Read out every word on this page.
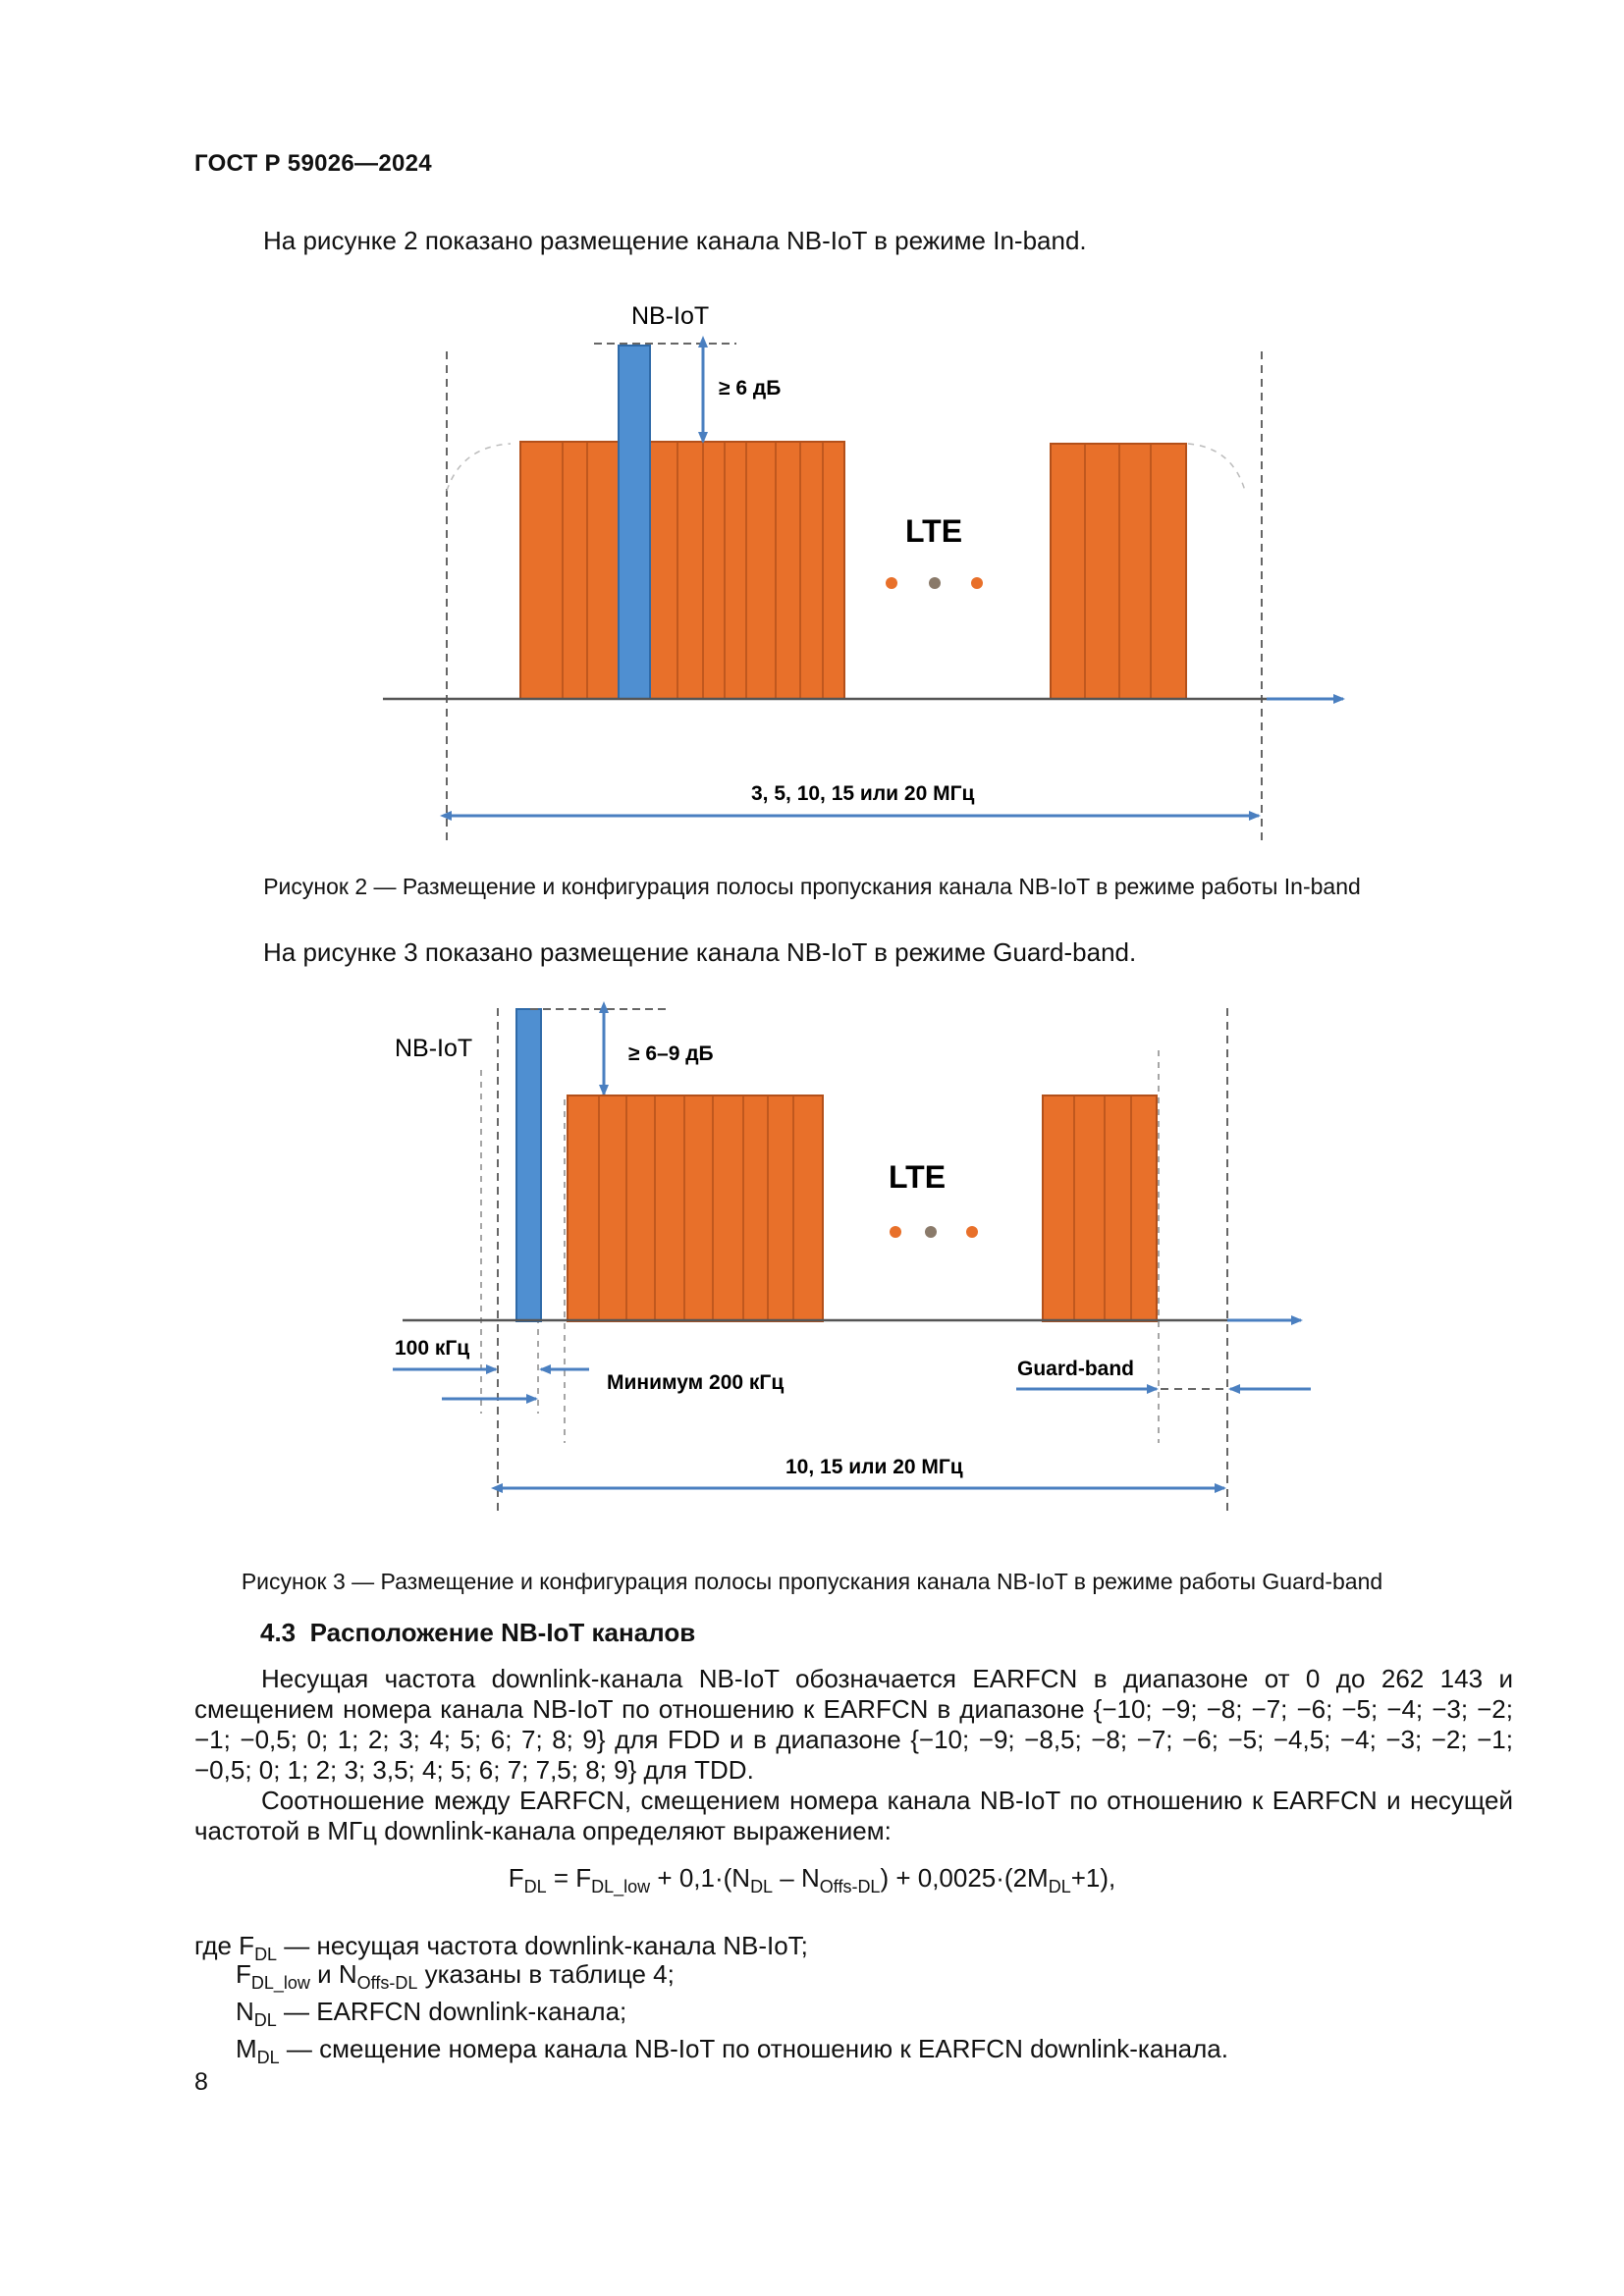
ГОСТ Р 59026—2024
На рисунке 2 показано размещение канала NB-IoT в режиме In-band.
NB-IoT
≥ 6 дБ
LTE
3, 5, 10, 15 или 20 МГц
Рисунок 2 — Размещение и конфигурация полосы пропускания канала NB-IoT в режиме работы In-band
На рисунке 3 показано размещение канала NB-IoT в режиме Guard-band.
NB-IoT	≥ 6–9 дБ
LTE
100 кГц
Минимум 200 кГц
Guard-band
10, 15 или 20 МГц
Рисунок 3 — Размещение и конфигурация полосы пропускания канала NB-IoT в режиме работы Guard-band
4.3 Расположение NB-IoT каналов
Несущая частота downlink-канала NB-IoT обозначается EARFCN в диапазоне от 0 до 262 143 и смещением номера канала NB-IoT по отношению к EARFCN в диапазоне {−10; −9; −8; −7; −6; −5; −4; −3; −2; −1; −0,5; 0; 1; 2; 3; 4; 5; 6; 7; 8; 9} для FDD и в диапазоне {−10; −9; −8,5; −8; −7; −6; −5; −4,5; −4; −3; −2; −1; −0,5; 0; 1; 2; 3; 3,5; 4; 5; 6; 7; 7,5; 8; 9} для TDD.
Соотношение между EARFCN, смещением номера канала NB-IoT по отношению к EARFCN и несущей частотой в МГц downlink-канала определяют выражением:
$F_{DL} = F_{DL\_low} + 0,1\cdot(N_{DL} - N_{Offs-DL}) + 0,0025\cdot(2M_{DL}+1)$,
где $F_{DL}$ — несущая частота downlink-канала NB-IoT;
$F_{DL\_low}$ и $N_{Offs-DL}$ указаны в таблице 4;
$N_{DL}$ — EARFCN downlink-канала;
$M_{DL}$ — смещение номера канала NB-IoT по отношению к EARFCN downlink-канала.
8
